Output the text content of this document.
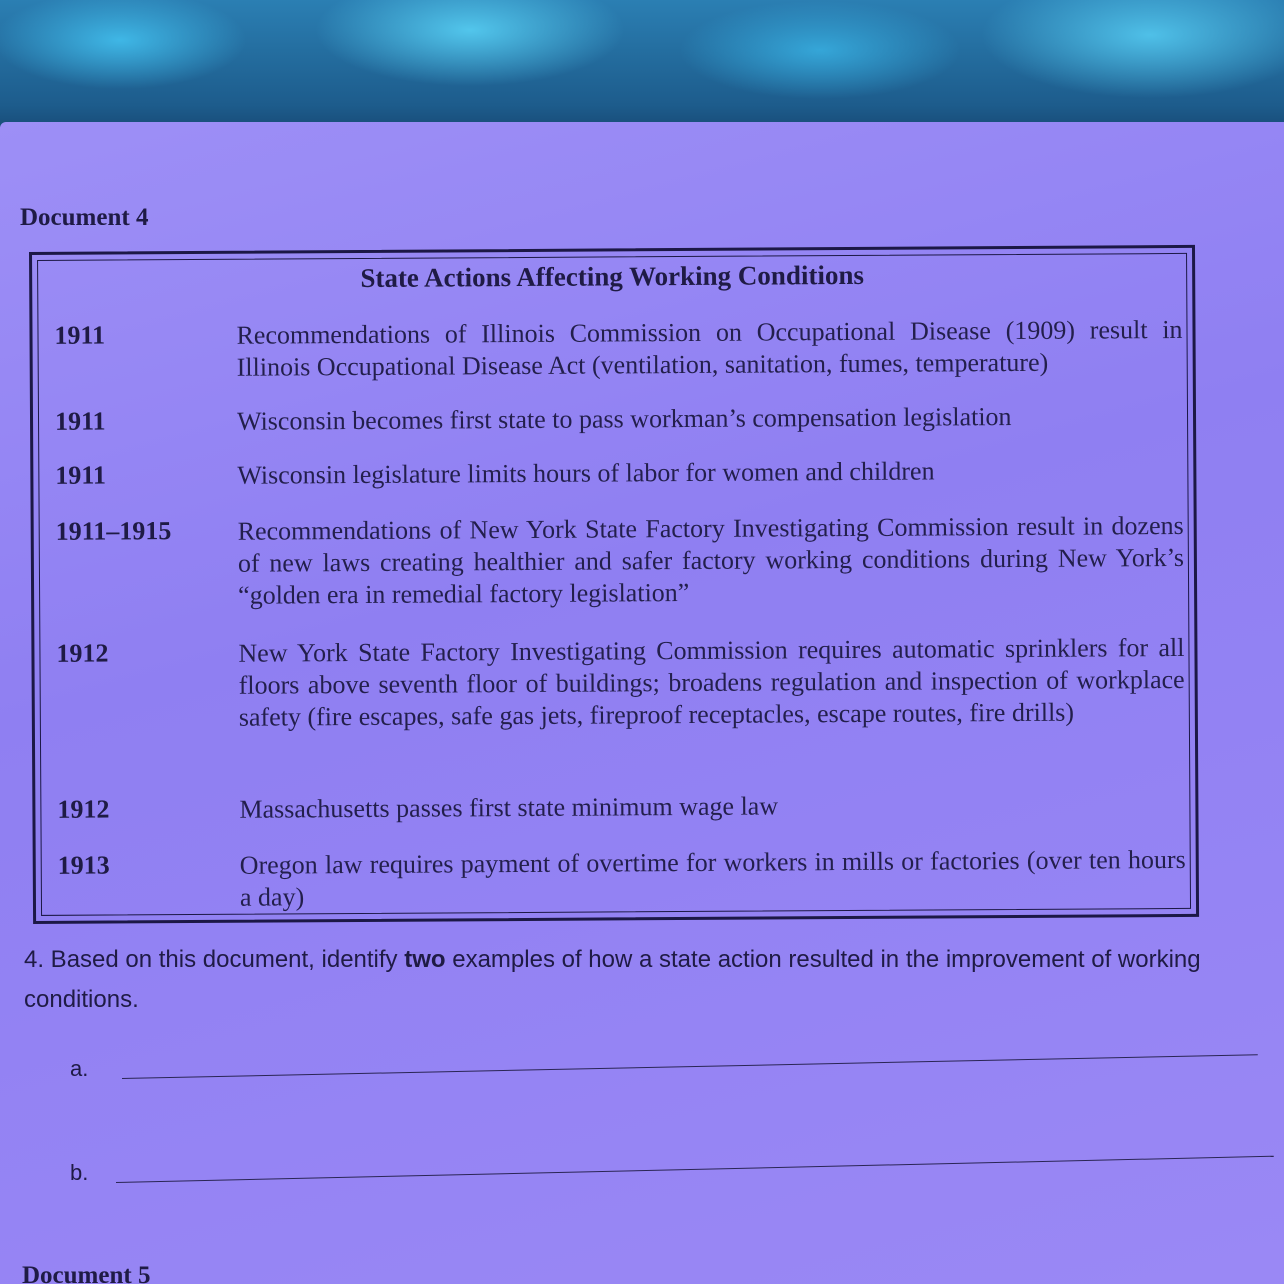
Document 4
State Actions Affecting Working Conditions
1911	Recommendations of Illinois Commission on Occupational Disease (1909) result in Illinois Occupational Disease Act (ventilation, sanitation, fumes, temperature)
1911	Wisconsin becomes first state to pass workman’s compensation legislation
1911	Wisconsin legislature limits hours of labor for women and children
1911–1915	Recommendations of New York State Factory Investigating Commission result in dozens of new laws creating healthier and safer factory working conditions during New York’s “golden era in remedial factory legislation”
1912	New York State Factory Investigating Commission requires automatic sprinklers for all floors above seventh floor of buildings; broadens regulation and inspection of workplace safety (fire escapes, safe gas jets, fireproof receptacles, escape routes, fire drills)
1912	Massachusetts passes first state minimum wage law
1913	Oregon law requires payment of overtime for workers in mills or factories (over ten hours a day)
4. Based on this document, identify two examples of how a state action resulted in the improvement of working conditions.
a.
b.
Document 5
